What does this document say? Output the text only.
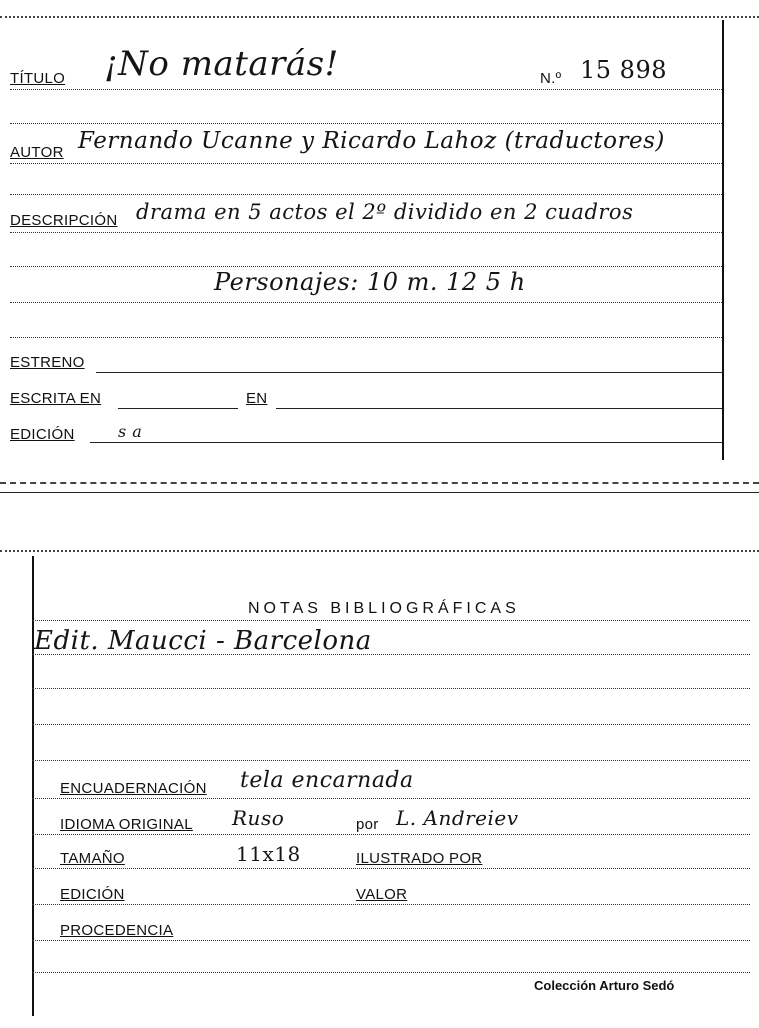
TÍTULO ¡No matarás!	N.º 15 898
AUTOR Fernando Ucanne y Ricardo Lahoz (traductores)
DESCRIPCIÓN drama en 5 actos el 2º dividido en 2 cuadros
Personajes: 10 m. 12 5 h
ESTRENO
ESCRITA EN	EN
EDICIÓN	s a
NOTAS BIBLIOGRÁFICAS
Edit. Maucci - Barcelona
ENCUADERNACIÓN tela encarnada
IDIOMA ORIGINAL Ruso	por L. Andreiev
TAMAÑO	11x18	ILUSTRADO POR
EDICIÓN	VALOR
PROCEDENCIA
Colección Arturo Sedó
